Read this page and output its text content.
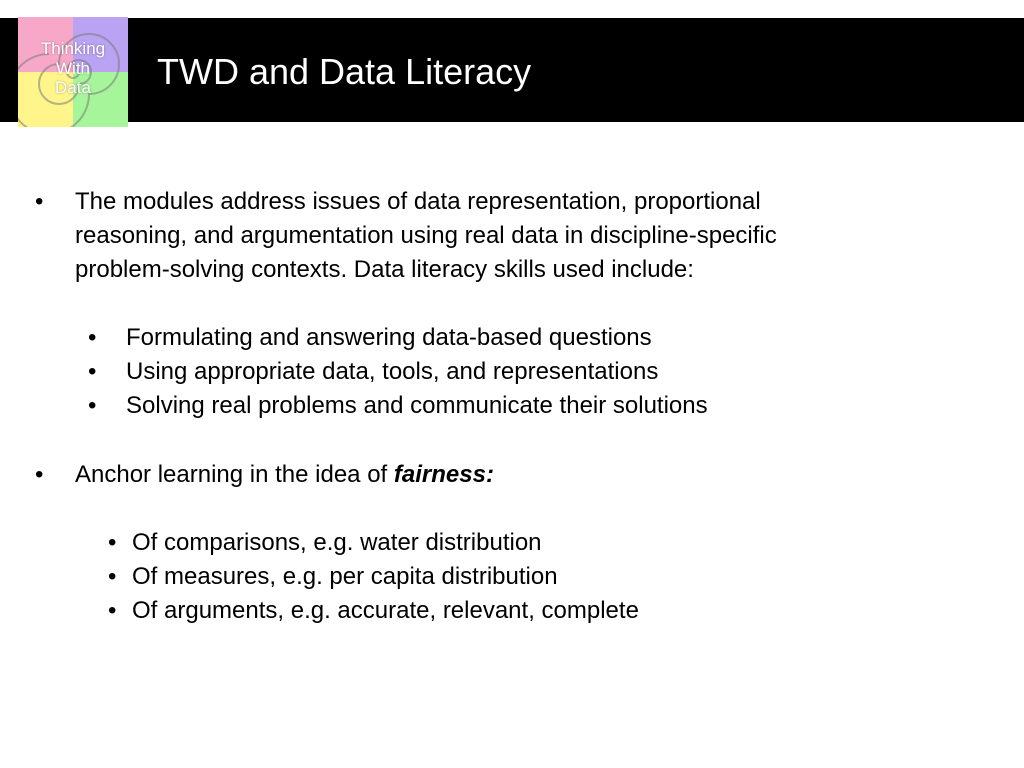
Thinking
With
Data	TWD and Data Literacy
• The modules address issues of data representation, proportional
reasoning, and argumentation using real data in discipline-specific
problem-solving contexts. Data literacy skills used include:
• Formulating and answering data-based questions
• Using appropriate data, tools, and representations
• Solving real problems and communicate their solutions
• Anchor learning in the idea of fairness:
• Of comparisons, e.g. water distribution
• Of measures, e.g. per capita distribution
• Of arguments, e.g. accurate, relevant, complete
